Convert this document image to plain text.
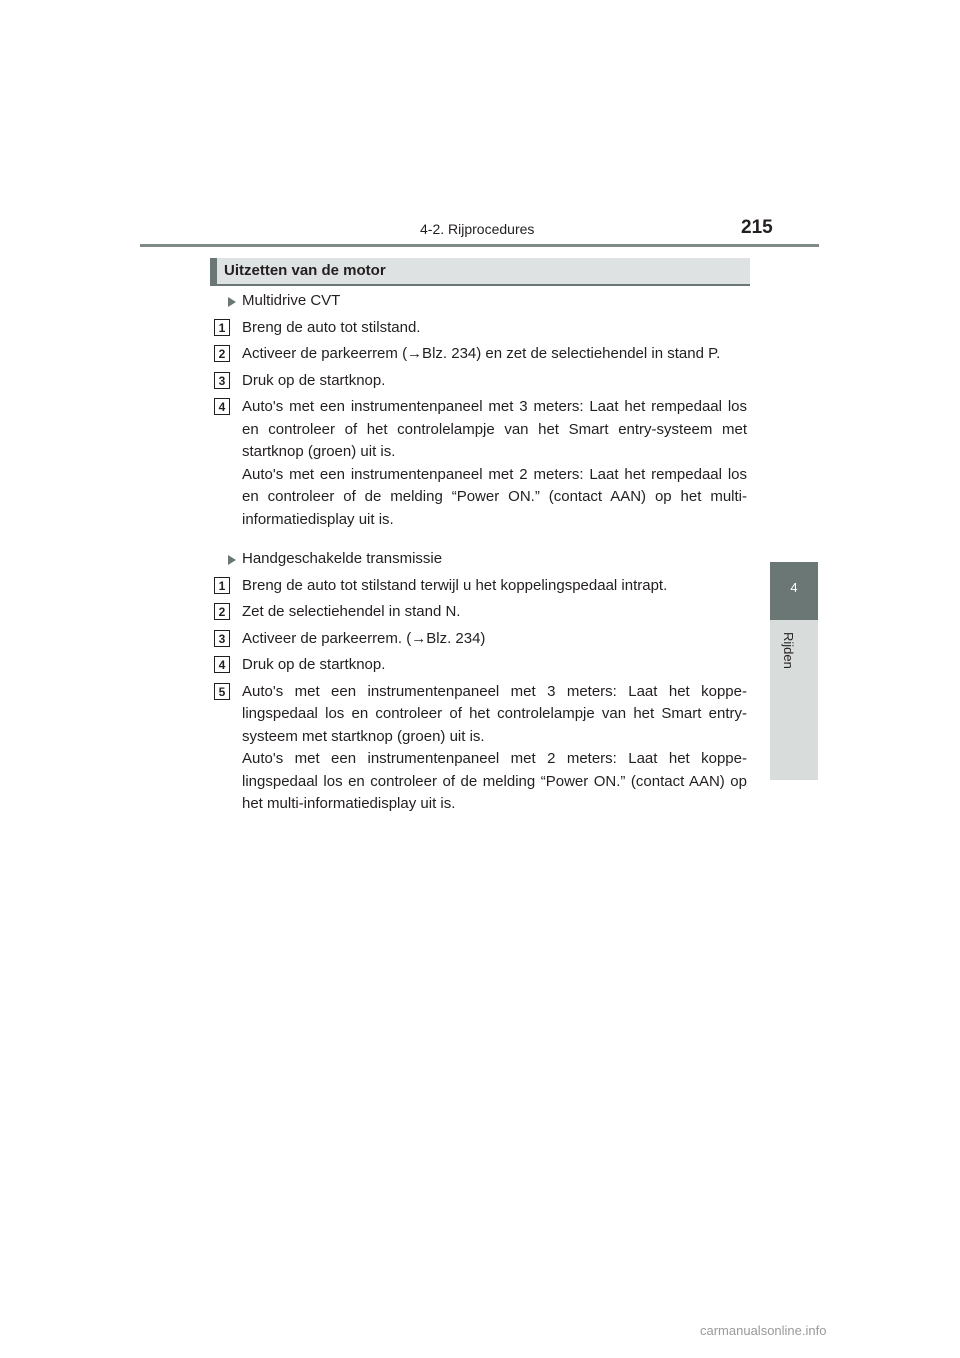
4-2. Rijprocedures	215
4
Rijden
Uitzetten van de motor
Multidrive CVT
1	Breng de auto tot stilstand.
2	Activeer de parkeerrem (→Blz. 234) en zet de selectiehendel in stand P.
3	Druk op de startknop.
4	Auto's met een instrumentenpaneel met 3 meters: Laat het rempedaal los en controleer of het controlelampje van het Smart entry-systeem met startknop (groen) uit is.
Auto's met een instrumentenpaneel met 2 meters: Laat het rempedaal los en controleer of de melding “Power ON.” (contact AAN) op het multi-informatiedisplay uit is.
Handgeschakelde transmissie
1	Breng de auto tot stilstand terwijl u het koppelingspedaal intrapt.
2	Zet de selectiehendel in stand N.
3	Activeer de parkeerrem. (→Blz. 234)
4	Druk op de startknop.
5	Auto's met een instrumentenpaneel met 3 meters: Laat het koppelingspedaal los en controleer of het controlelampje van het Smart entry-systeem met startknop (groen) uit is.
Auto's met een instrumentenpaneel met 2 meters: Laat het koppelingspedaal los en controleer of de melding “Power ON.” (contact AAN) op het multi-informatiedisplay uit is.
carmanualsonline.info
